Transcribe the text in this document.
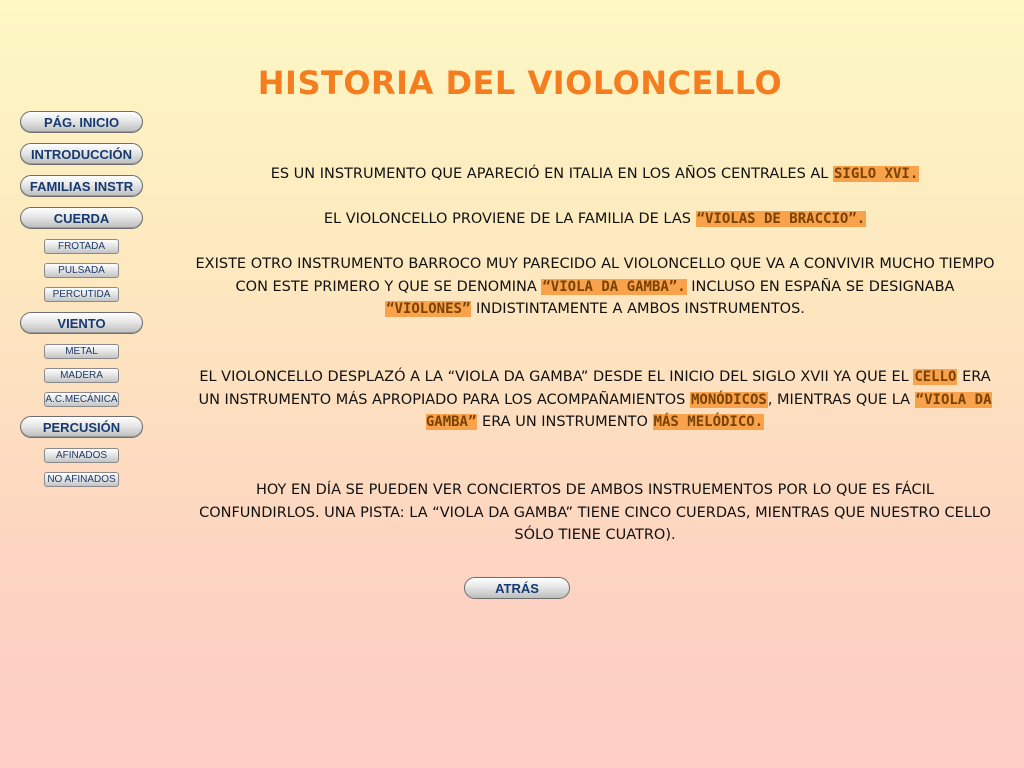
HISTORIA DEL VIOLONCELLO
PÁG. INICIO
INTRODUCCIÓN
FAMILIAS INSTR
CUERDA
FROTADA
PULSADA
PERCUTIDA
VIENTO
METAL
MADERA
A.C.MECÁNICA
PERCUSIÓN
AFINADOS
NO AFINADOS

ES UN INSTRUMENTO QUE APARECIÓ EN ITALIA EN LOS AÑOS CENTRALES AL SIGLO XVI.

EL VIOLONCELLO PROVIENE DE LA FAMILIA DE LAS “VIOLAS DE BRACCIO”.

EXISTE OTRO INSTRUMENTO BARROCO MUY PARECIDO AL VIOLONCELLO QUE VA A CONVIVIR MUCHO TIEMPO CON ESTE PRIMERO Y QUE SE DENOMINA “VIOLA DA GAMBA”. INCLUSO EN ESPAÑA SE DESIGNABA “VIOLONES” INDISTINTAMENTE A AMBOS INSTRUMENTOS.

EL VIOLONCELLO DESPLAZÓ A LA “VIOLA DA GAMBA” DESDE EL INICIO DEL SIGLO XVII YA QUE EL CELLO ERA UN INSTRUMENTO MÁS APROPIADO PARA LOS ACOMPAÑAMIENTOS MONÓDICOS, MIENTRAS QUE LA “VIOLA DA GAMBA” ERA UN INSTRUMENTO MÁS MELÓDICO.

HOY EN DÍA SE PUEDEN VER CONCIERTOS DE AMBOS INSTRUEMENTOS POR LO QUE ES FÁCIL CONFUNDIRLOS. UNA PISTA: LA “VIOLA DA GAMBA” TIENE CINCO CUERDAS, MIENTRAS QUE NUESTRO CELLO SÓLO TIENE CUATRO).

ATRÁS
